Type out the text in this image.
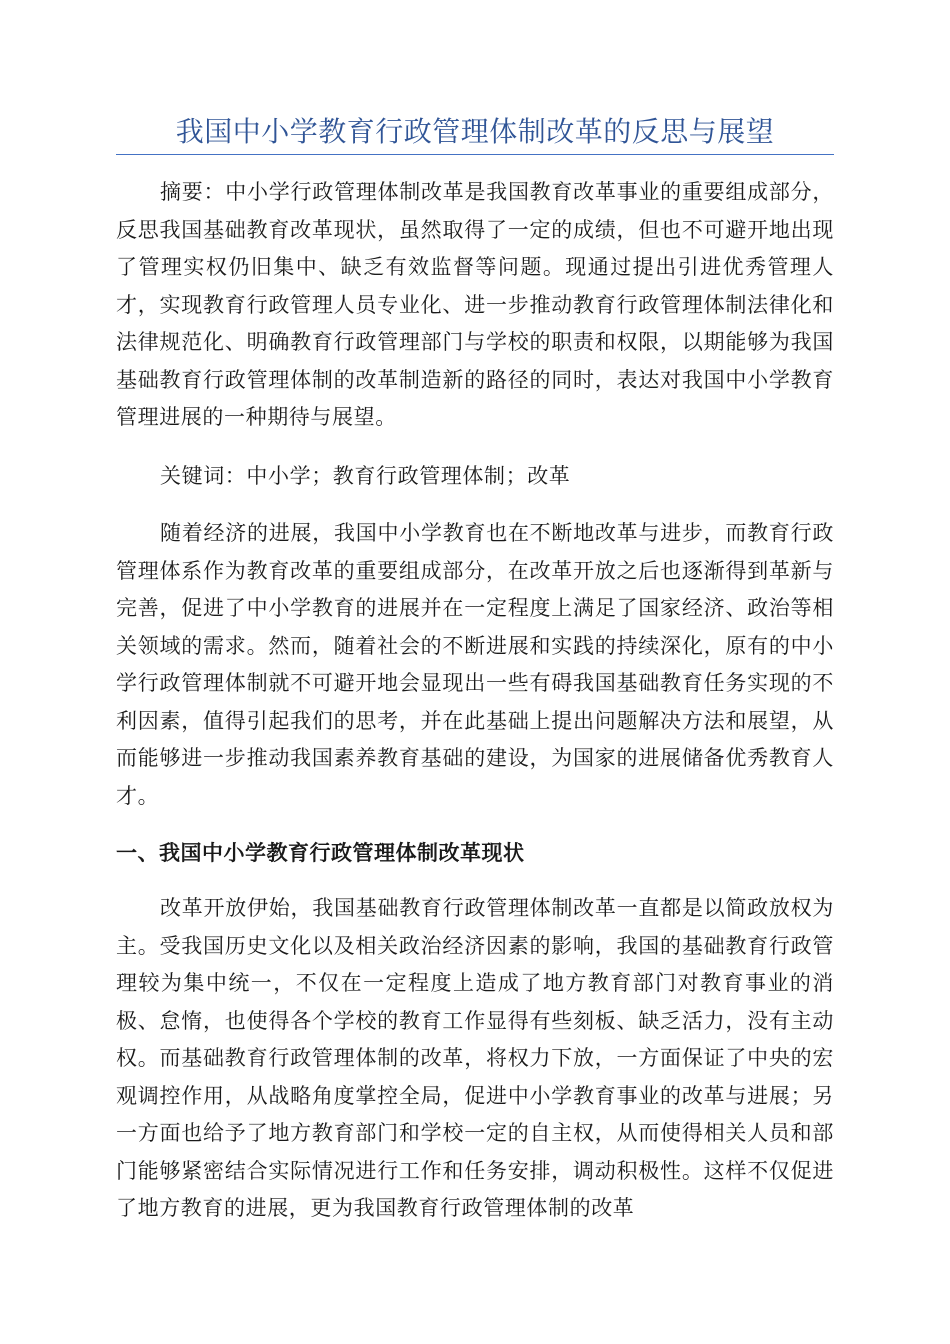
我国中小学教育行政管理体制改革的反思与展望

摘要：中小学行政管理体制改革是我国教育改革事业的重要组成部分，反思我国基础教育改革现状，虽然取得了一定的成绩，但也不可避开地出现了管理实权仍旧集中、缺乏有效监督等问题。现通过提出引进优秀管理人才，实现教育行政管理人员专业化、进一步推动教育行政管理体制法律化和法律规范化、明确教育行政管理部门与学校的职责和权限，以期能够为我国基础教育行政管理体制的改革制造新的路径的同时，表达对我国中小学教育管理进展的一种期待与展望。

关键词：中小学；教育行政管理体制；改革

随着经济的进展，我国中小学教育也在不断地改革与进步，而教育行政管理体系作为教育改革的重要组成部分，在改革开放之后也逐渐得到革新与完善，促进了中小学教育的进展并在一定程度上满足了国家经济、政治等相关领域的需求。然而，随着社会的不断进展和实践的持续深化，原有的中小学行政管理体制就不可避开地会显现出一些有碍我国基础教育任务实现的不利因素，值得引起我们的思考，并在此基础上提出问题解决方法和展望，从而能够进一步推动我国素养教育基础的建设，为国家的进展储备优秀教育人才。

一、我国中小学教育行政管理体制改革现状

改革开放伊始，我国基础教育行政管理体制改革一直都是以简政放权为主。受我国历史文化以及相关政治经济因素的影响，我国的基础教育行政管理较为集中统一，不仅在一定程度上造成了地方教育部门对教育事业的消极、怠惰，也使得各个学校的教育工作显得有些刻板、缺乏活力，没有主动权。而基础教育行政管理体制的改革，将权力下放，一方面保证了中央的宏观调控作用，从战略角度掌控全局，促进中小学教育事业的改革与进展；另一方面也给予了地方教育部门和学校一定的自主权，从而使得相关人员和部门能够紧密结合实际情况进行工作和任务安排，调动积极性。这样不仅促进了地方教育的进展，更为我国教育行政管理体制的改革
